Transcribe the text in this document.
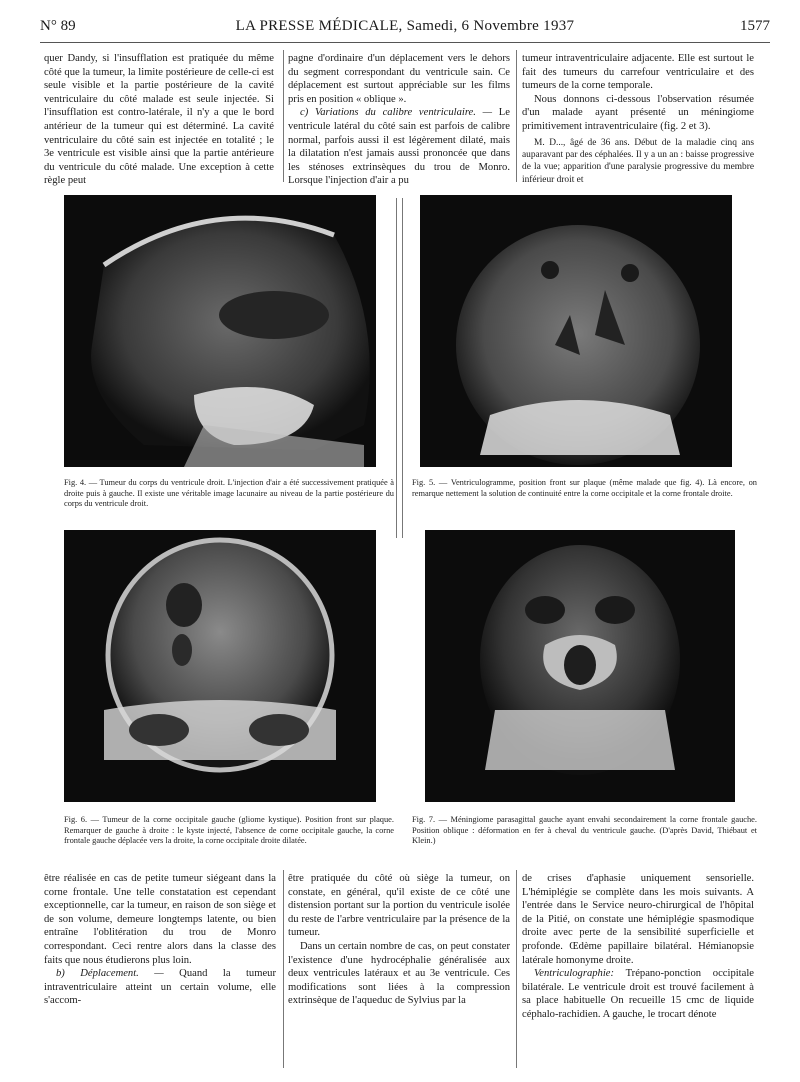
N° 89	LA PRESSE MÉDICALE, Samedi, 6 Novembre 1937	1577

quer Dandy, si l'insufflation est pratiquée du même côté que la tumeur, la limite postérieure de celle-ci est seule visible et la partie postérieure de la cavité ventriculaire du côté malade est seule injectée. Si l'insufflation est contro-latérale, il n'y a que le bord antérieur de la tumeur qui est déterminé. La cavité ventriculaire du côté sain est injectée en totalité ; le 3e ventricule est visible ainsi que la partie antérieure du ventricule du côté malade. Une exception à cette règle peut

pagne d'ordinaire d'un déplacement vers le dehors du segment correspondant du ventricule sain. Ce déplacement est surtout appréciable sur les films pris en position « oblique ».

c) Variations du calibre ventriculaire. — Le ventricule latéral du côté sain est parfois de calibre normal, parfois aussi il est légèrement dilaté, mais la dilatation n'est jamais aussi prononcée que dans les sténoses extrinsèques du trou de Monro. Lorsque l'injection d'air a pu

tumeur intraventriculaire adjacente. Elle est surtout le fait des tumeurs du carrefour ventriculaire et des tumeurs de la corne temporale.

Nous donnons ci-dessous l'observation résumée d'un malade ayant présenté un méningiome primitivement intraventriculaire (fig. 2 et 3).

M. D..., âgé de 36 ans. Début de la maladie cinq ans auparavant par des céphalées. Il y a un an : baisse progressive de la vue; apparition d'une paralysie progressive du membre inférieur droit et

Fig. 4. — Tumeur du corps du ventricule droit. L'injection d'air a été successivement pratiquée à droite puis à gauche. Il existe une véritable image lacunaire au niveau de la partie postérieure du corps du ventricule droit.
Fig. 5. — Ventriculogramme, position front sur plaque (même malade que fig. 4). Là encore, on remarque nettement la solution de continuité entre la corne occipitale et la corne frontale droite.
Fig. 6. — Tumeur de la corne occipitale gauche (gliome kystique). Position front sur plaque. Remarquer de gauche à droite : le kyste injecté, l'absence de corne occipitale gauche, la corne frontale gauche déplacée vers la droite, la corne occipitale droite dilatée.
Fig. 7. — Méningiome parasagittal gauche ayant envahi secondairement la corne frontale gauche. Position oblique : déformation en fer à cheval du ventricule gauche. (D'après David, Thiébaut et Klein.)

être réalisée en cas de petite tumeur siégeant dans la corne frontale. Une telle constatation est cependant exceptionnelle, car la tumeur, en raison de son siège et de son volume, demeure longtemps latente, ou bien entraîne l'oblitération du trou de Monro correspondant. Ceci rentre alors dans la classe des faits que nous étudierons plus loin.

b) Déplacement. — Quand la tumeur intraventriculaire atteint un certain volume, elle s'accom-

être pratiquée du côté où siège la tumeur, on constate, en général, qu'il existe de ce côté une distension portant sur la portion du ventricule isolée du reste de l'arbre ventriculaire par la présence de la tumeur.

Dans un certain nombre de cas, on peut constater l'existence d'une hydrocéphalie généralisée aux deux ventricules latéraux et au 3e ventricule. Ces modifications sont liées à la compression extrinsèque de l'aqueduc de Sylvius par la

de crises d'aphasie uniquement sensorielle. L'hémiplégie se complète dans les mois suivants. A l'entrée dans le Service neuro-chirurgical de l'hôpital de la Pitié, on constate une hémiplégie spasmodique droite avec perte de la sensibilité superficielle et profonde. Œdème papillaire bilatéral. Hémianopsie latérale homonyme droite.

Ventriculographie: Trépano-ponction occipitale bilatérale. Le ventricule droit est trouvé facilement à sa place habituelle On recueille 15 cmc de liquide céphalo-rachidien. A gauche, le trocart dénote
